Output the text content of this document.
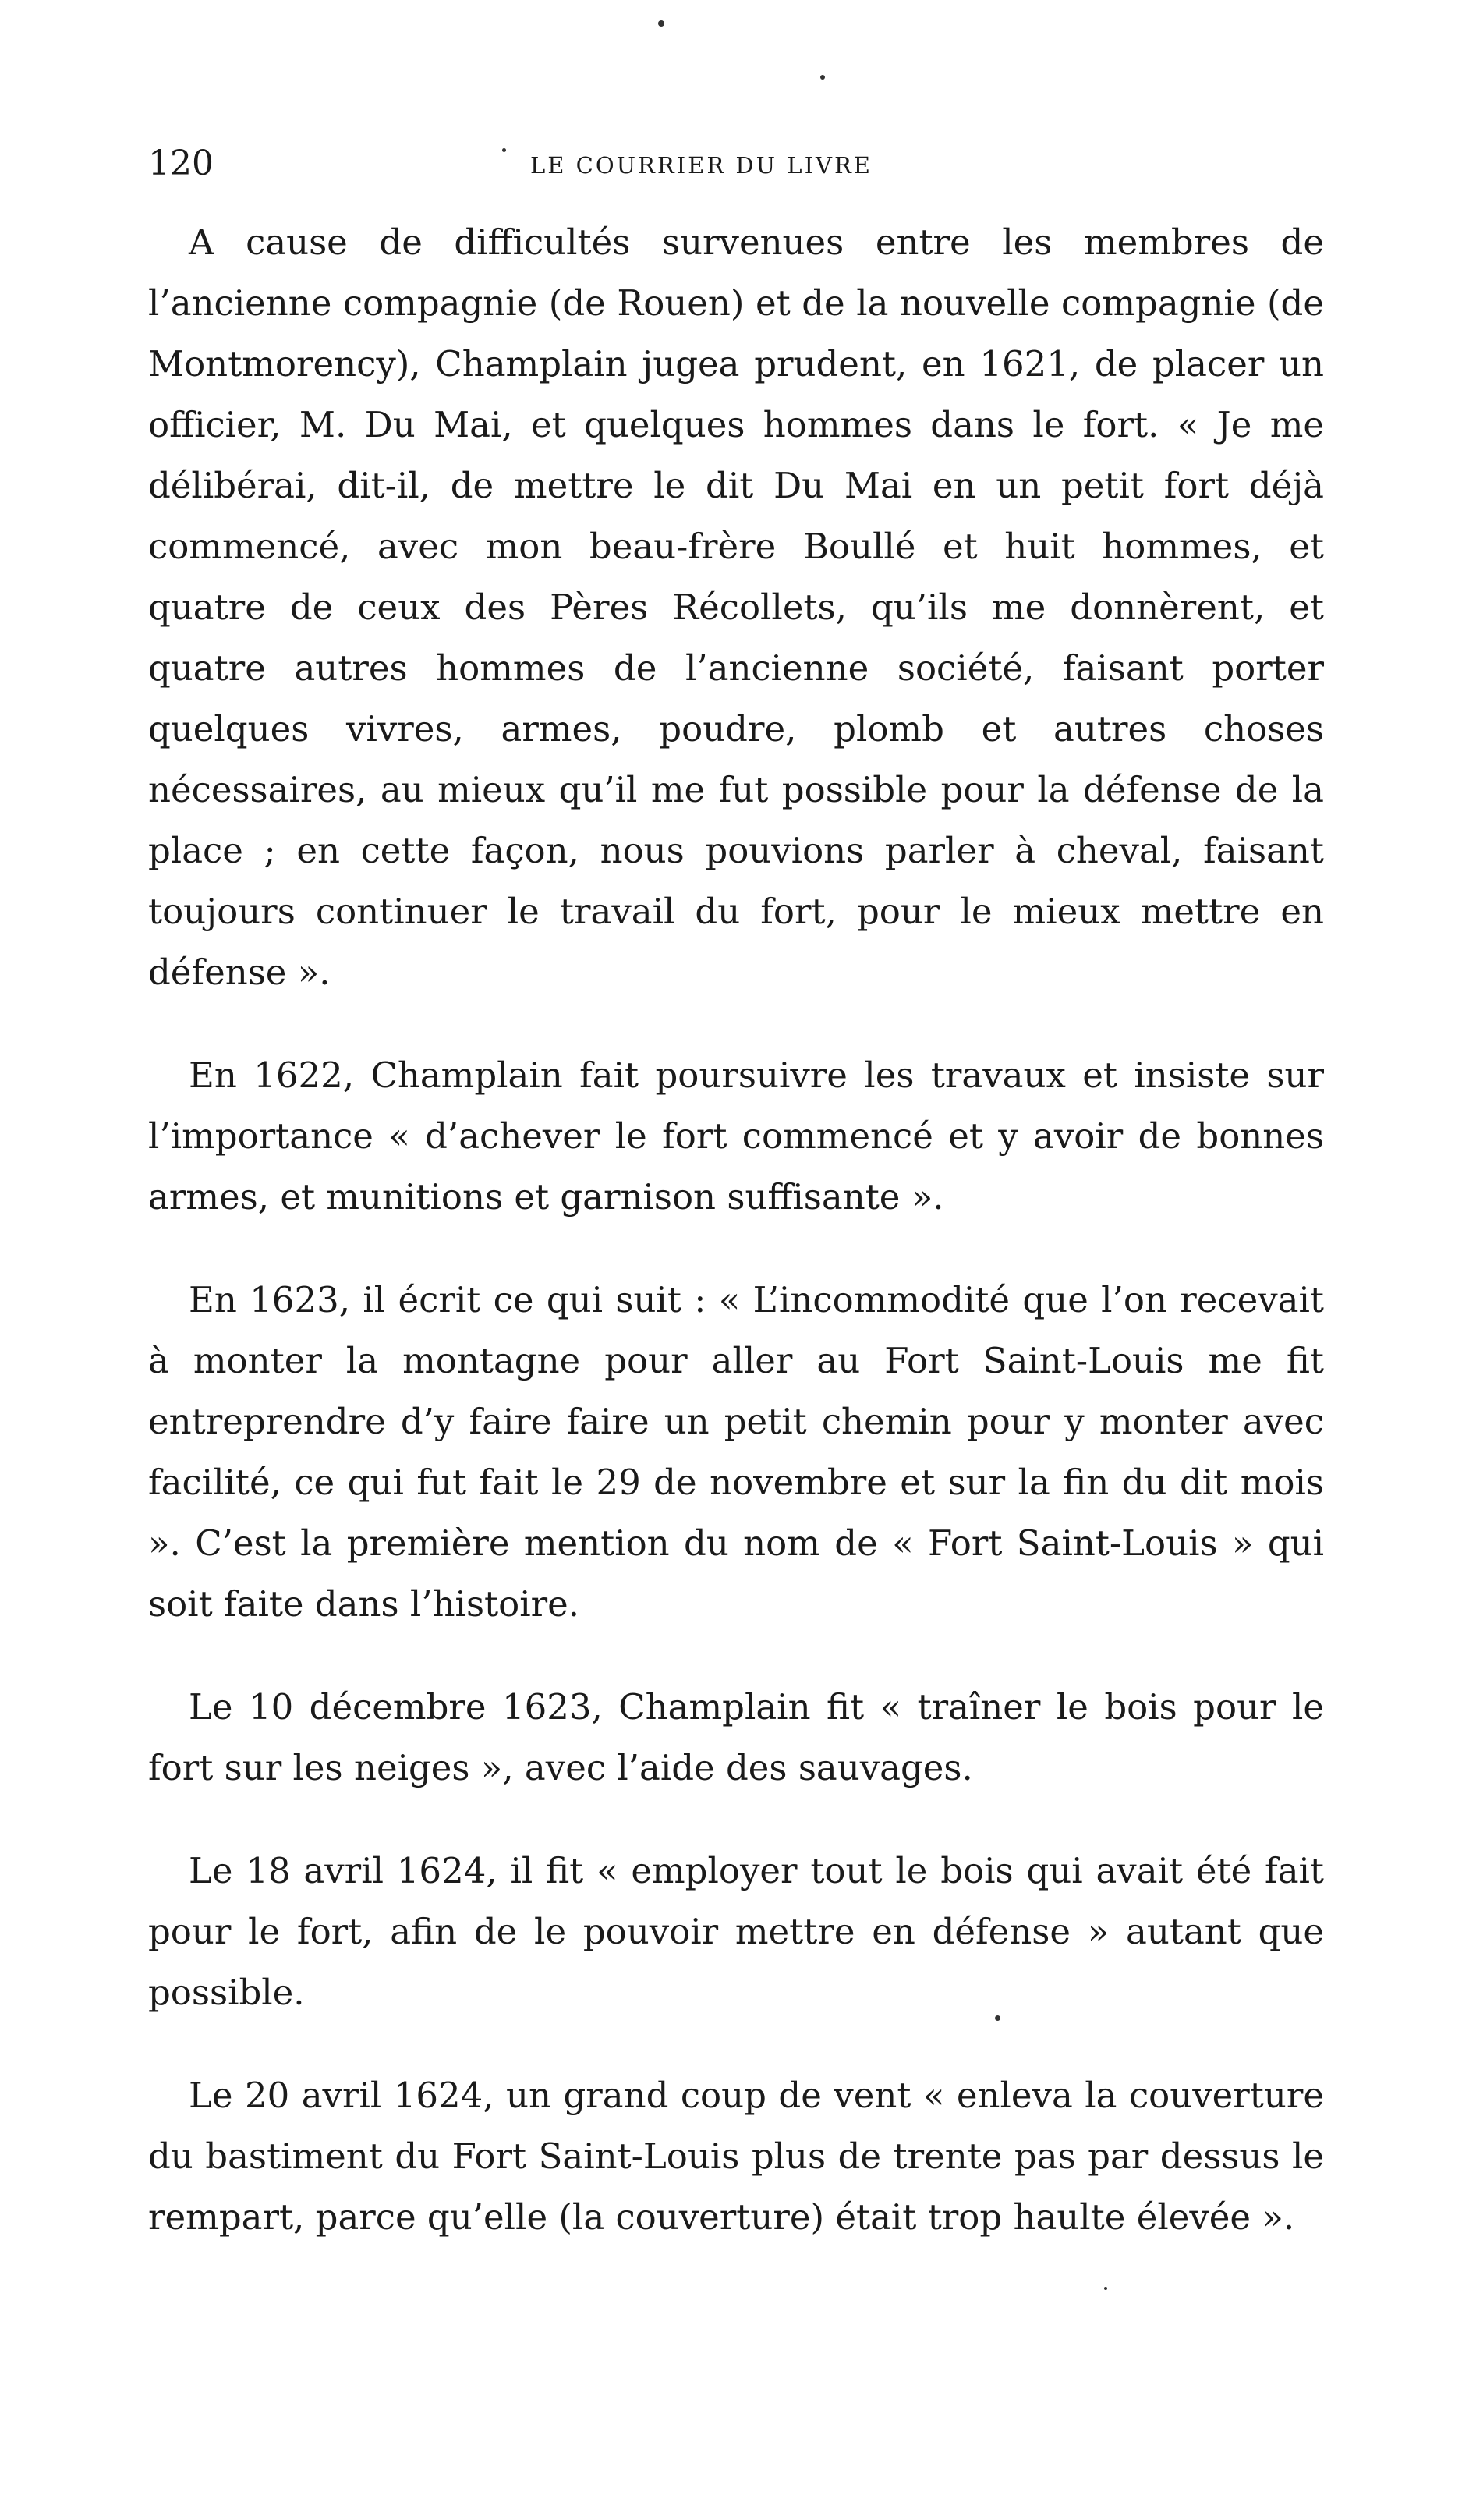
120	LE COURRIER DU LIVRE

A cause de difficultés survenues entre les membres de l’ancienne compagnie (de Rouen) et de la nouvelle compagnie (de Montmorency), Champlain jugea prudent, en 1621, de placer un officier, M. Du Mai, et quelques hommes dans le fort. « Je me délibérai, dit-il, de mettre le dit Du Mai en un petit fort déjà commencé, avec mon beau-frère Boullé et huit hommes, et quatre de ceux des Pères Récollets, qu’ils me donnèrent, et quatre autres hommes de l’ancienne société, faisant porter quelques vivres, armes, poudre, plomb et autres choses nécessaires, au mieux qu’il me fut possible pour la défense de la place ; en cette façon, nous pouvions parler à cheval, faisant toujours continuer le travail du fort, pour le mieux mettre en défense ».

En 1622, Champlain fait poursuivre les travaux et insiste sur l’importance « d’achever le fort commencé et y avoir de bonnes armes, et munitions et garnison suffisante ».

En 1623, il écrit ce qui suit : « L’incommodité que l’on recevait à monter la montagne pour aller au Fort Saint-Louis me fit entreprendre d’y faire faire un petit chemin pour y monter avec facilité, ce qui fut fait le 29 de novembre et sur la fin du dit mois ». C’est la première mention du nom de « Fort Saint-Louis » qui soit faite dans l’histoire.

Le 10 décembre 1623, Champlain fit « traîner le bois pour le fort sur les neiges », avec l’aide des sauvages.

Le 18 avril 1624, il fit « employer tout le bois qui avait été fait pour le fort, afin de le pouvoir mettre en défense » autant que possible.

Le 20 avril 1624, un grand coup de vent « enleva la couverture du bastiment du Fort Saint-Louis plus de trente pas par dessus le rempart, parce qu’elle (la couverture) était trop haulte élevée ».
